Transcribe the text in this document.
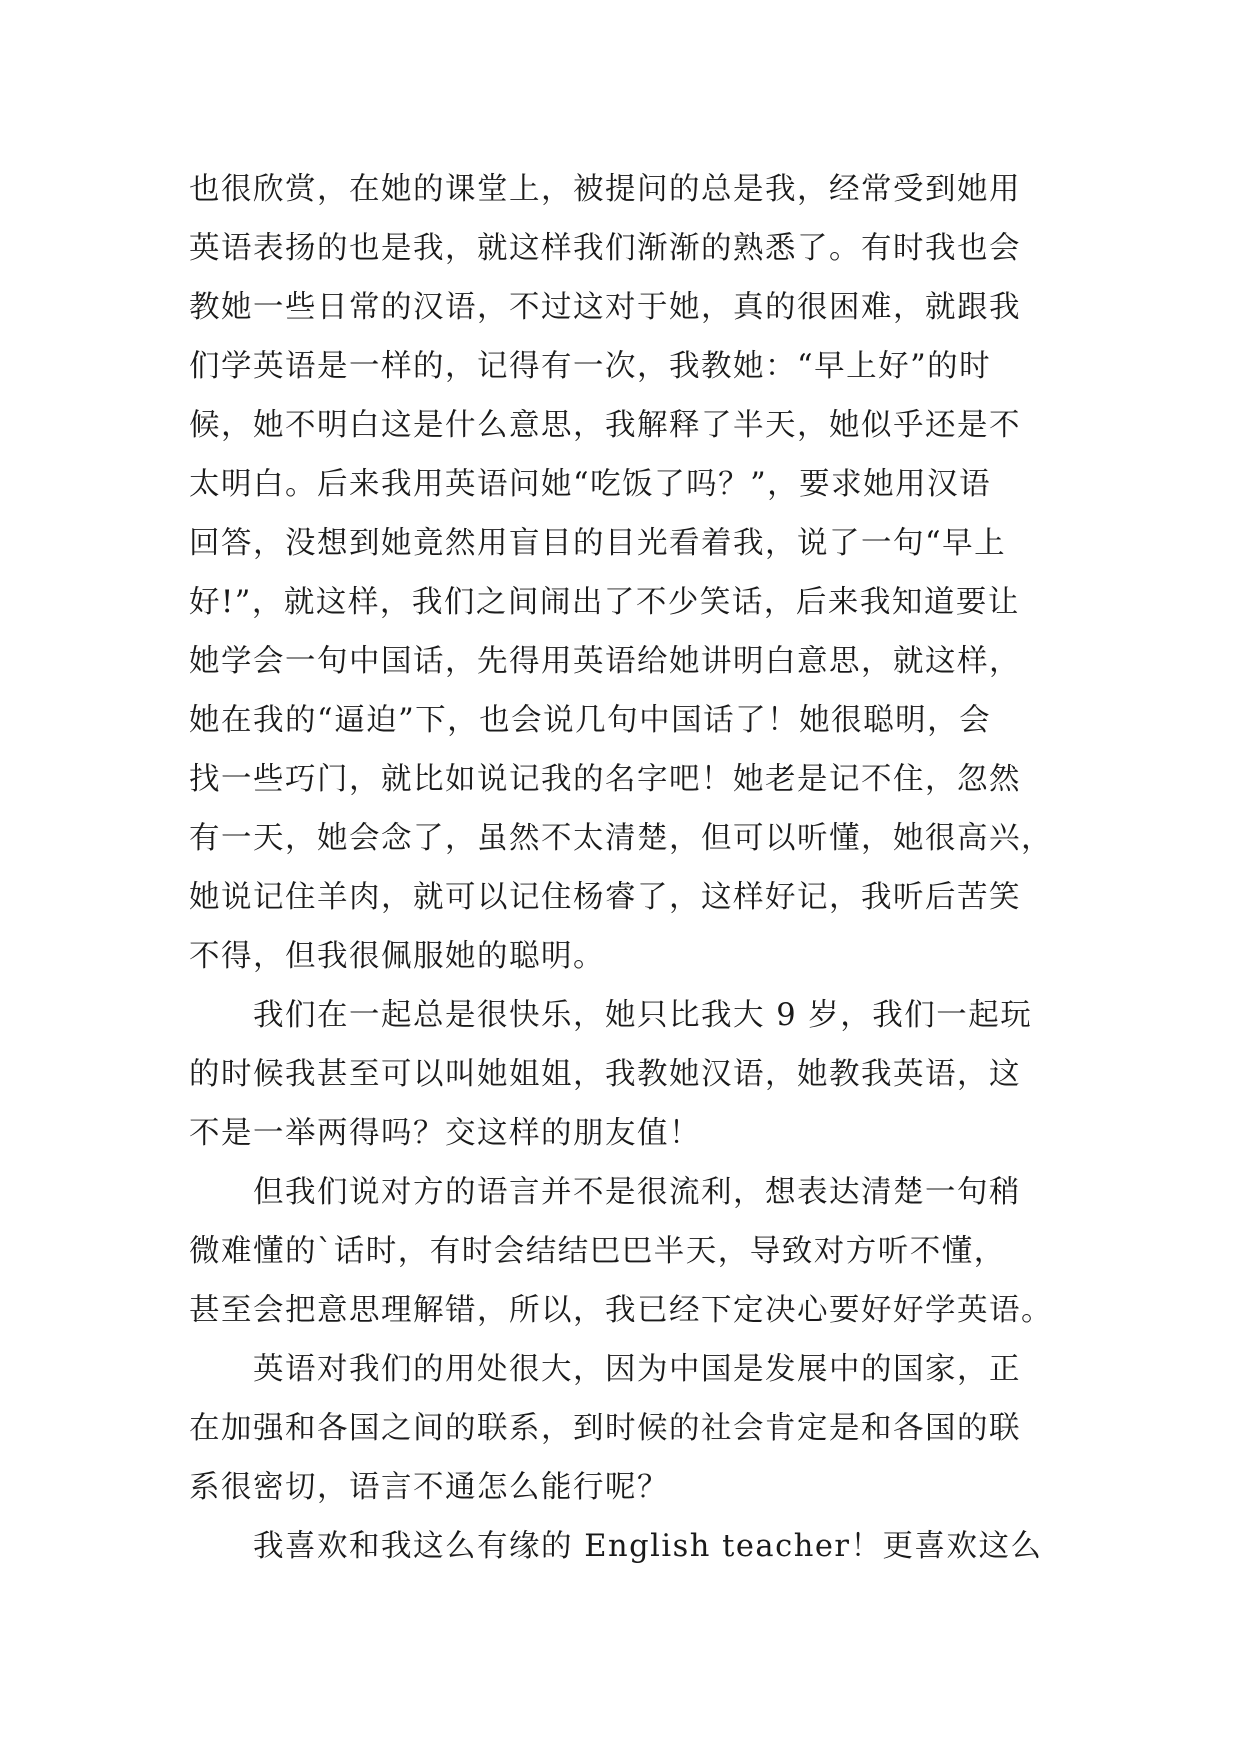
也很欣赏，在她的课堂上，被提问的总是我，经常受到她用
英语表扬的也是我，就这样我们渐渐的熟悉了。有时我也会
教她一些日常的汉语，不过这对于她，真的很困难，就跟我
们学英语是一样的，记得有一次，我教她：“早上好”的时
候，她不明白这是什么意思，我解释了半天，她似乎还是不
太明白。后来我用英语问她“吃饭了吗？”，要求她用汉语
回答，没想到她竟然用盲目的目光看着我，说了一句“早上
好!”，就这样，我们之间闹出了不少笑话，后来我知道要让
她学会一句中国话，先得用英语给她讲明白意思，就这样，
她在我的“逼迫”下，也会说几句中国话了！她很聪明，会
找一些巧门，就比如说记我的名字吧！她老是记不住，忽然
有一天，她会念了，虽然不太清楚，但可以听懂，她很高兴，
她说记住羊肉，就可以记住杨睿了，这样好记，我听后苦笑
不得，但我很佩服她的聪明。
　　我们在一起总是很快乐，她只比我大 9 岁，我们一起玩
的时候我甚至可以叫她姐姐，我教她汉语，她教我英语，这
不是一举两得吗？交这样的朋友值！
　　但我们说对方的语言并不是很流利，想表达清楚一句稍
微难懂的`话时，有时会结结巴巴半天，导致对方听不懂，
甚至会把意思理解错，所以，我已经下定决心要好好学英语。
　　英语对我们的用处很大，因为中国是发展中的国家，正
在加强和各国之间的联系，到时候的社会肯定是和各国的联
系很密切，语言不通怎么能行呢？
　　我喜欢和我这么有缘的 English teacher！更喜欢这么
